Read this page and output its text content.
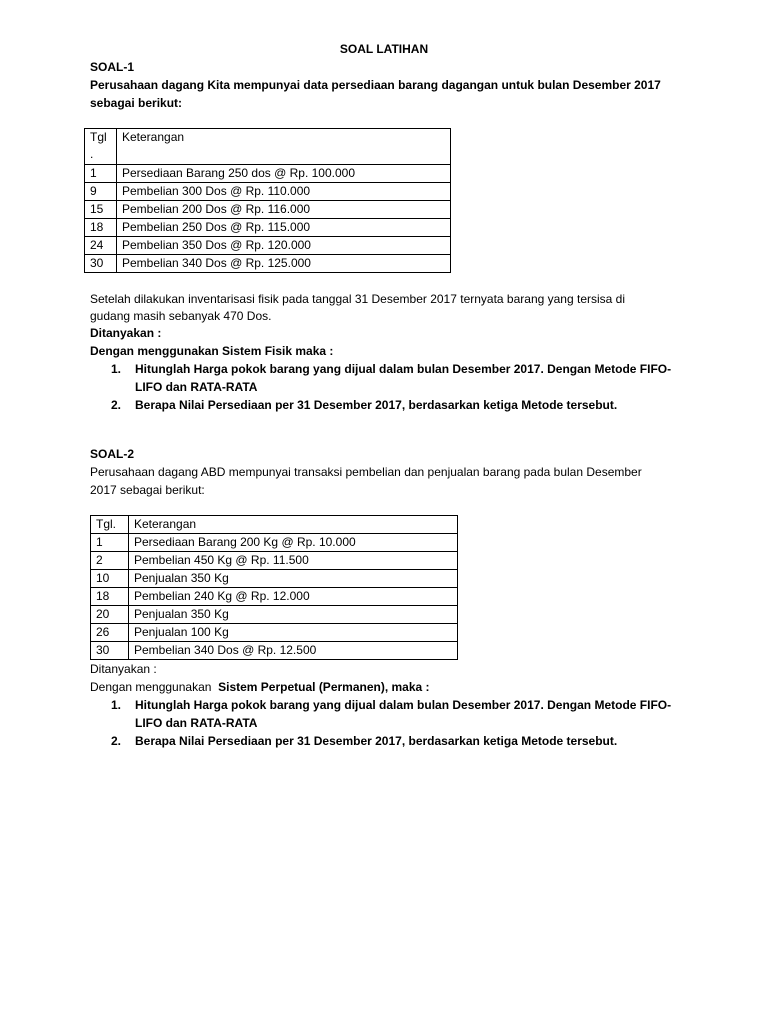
SOAL LATIHAN
SOAL-1
Perusahaan dagang Kita mempunyai data persediaan barang dagangan untuk bulan Desember 2017
sebagai berikut:
Tgl
.	Keterangan
1	Persediaan Barang 250 dos @ Rp. 100.000
9	Pembelian 300 Dos @ Rp. 110.000
15	Pembelian 200 Dos @ Rp. 116.000
18	Pembelian 250 Dos @ Rp. 115.000
24	Pembelian 350 Dos @ Rp. 120.000
30	Pembelian 340 Dos @ Rp. 125.000
Setelah dilakukan inventarisasi fisik pada tanggal 31 Desember 2017 ternyata barang yang tersisa di
gudang masih sebanyak 470 Dos.
Ditanyakan :
Dengan menggunakan Sistem Fisik maka :
1. Hitunglah Harga pokok barang yang dijual dalam bulan Desember 2017. Dengan Metode FIFO-
LIFO dan RATA-RATA
2. Berapa Nilai Persediaan per 31 Desember 2017, berdasarkan ketiga Metode tersebut.
SOAL-2
Perusahaan dagang ABD mempunyai transaksi pembelian dan penjualan barang pada bulan Desember
2017 sebagai berikut:
Tgl.	Keterangan
1	Persediaan Barang 200 Kg @ Rp. 10.000
2	Pembelian 450 Kg @ Rp. 11.500
10	Penjualan 350 Kg
18	Pembelian 240 Kg @ Rp. 12.000
20	Penjualan 350 Kg
26	Penjualan 100 Kg
30	Pembelian 340 Dos @ Rp. 12.500
Ditanyakan :
Dengan menggunakan  Sistem Perpetual (Permanen), maka :
1. Hitunglah Harga pokok barang yang dijual dalam bulan Desember 2017. Dengan Metode FIFO-
LIFO dan RATA-RATA
2. Berapa Nilai Persediaan per 31 Desember 2017, berdasarkan ketiga Metode tersebut.
